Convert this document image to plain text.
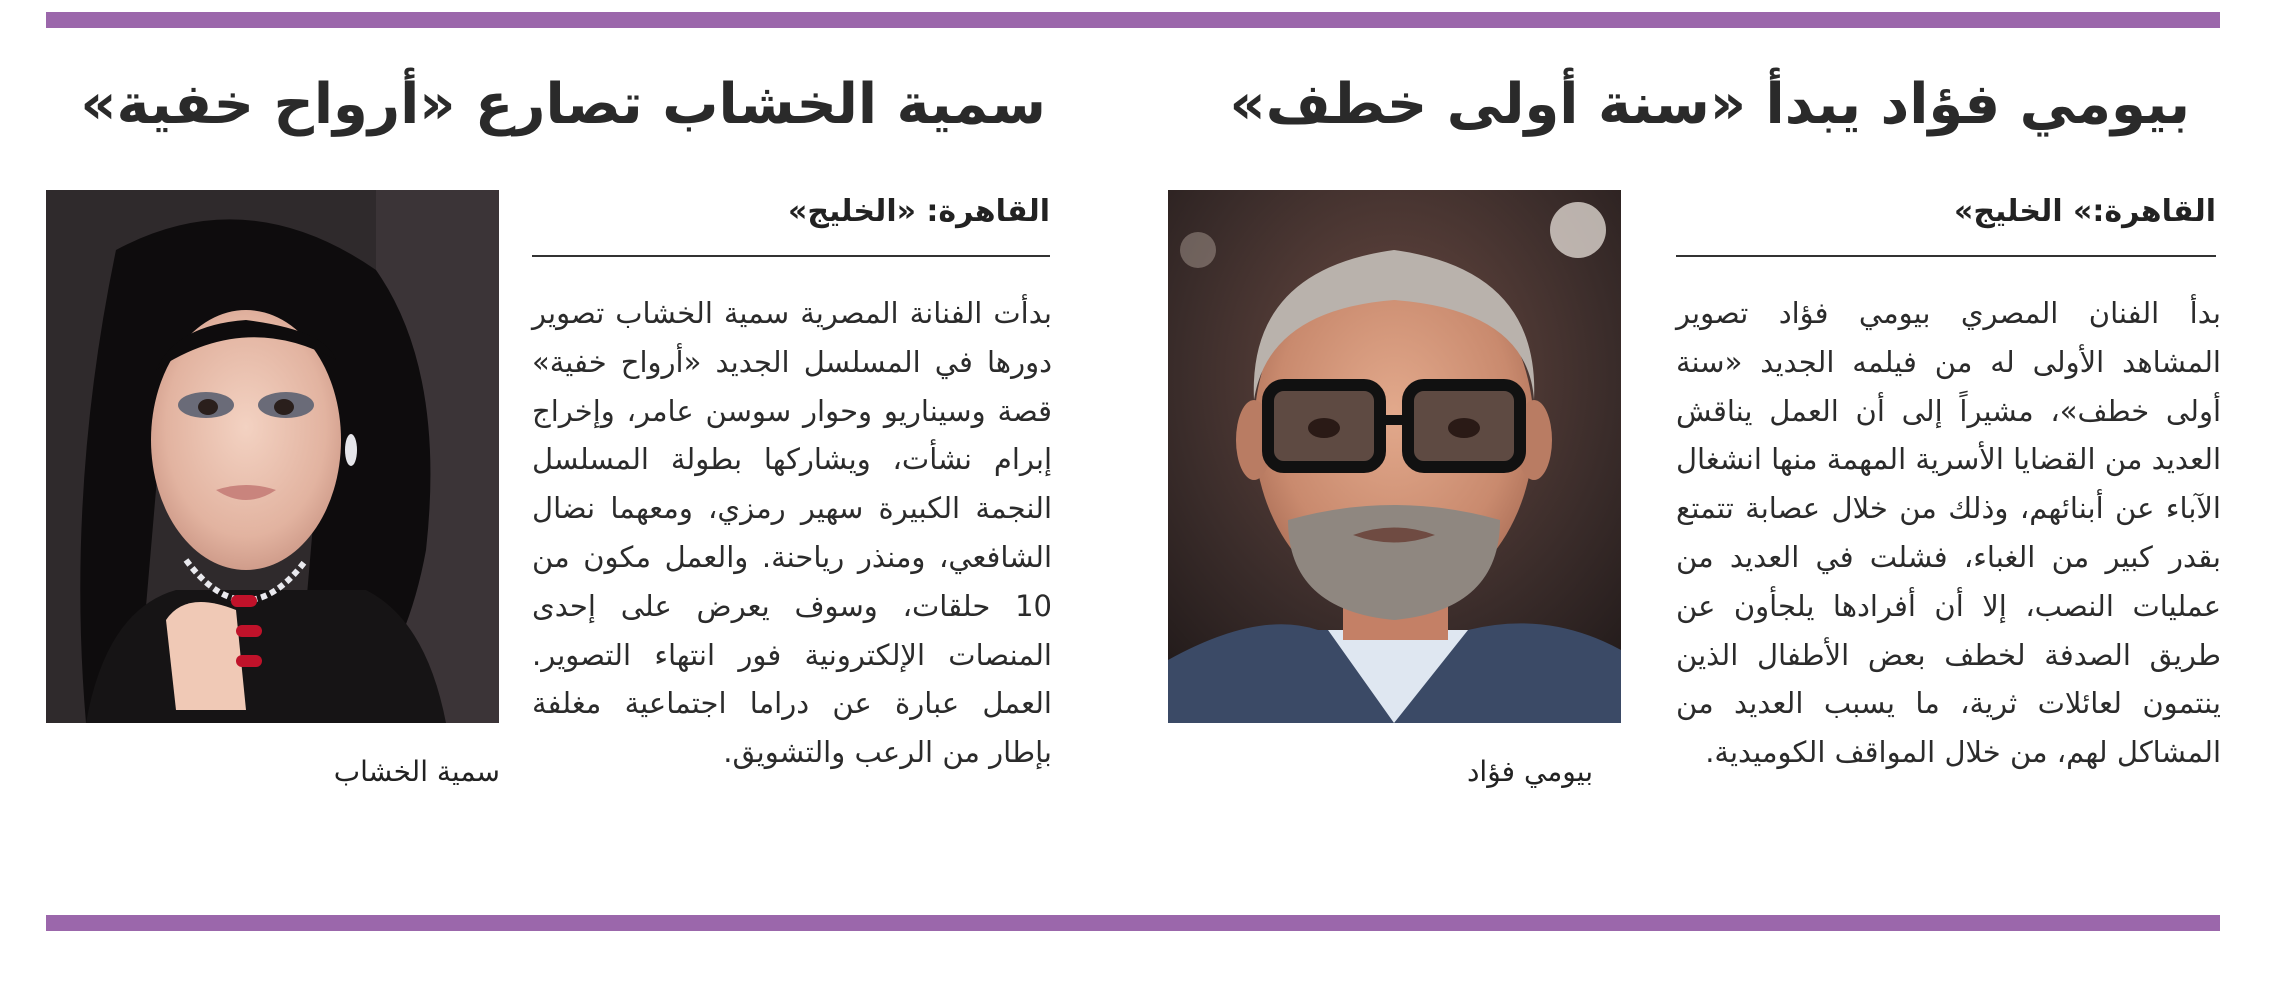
بيومي فؤاد يبدأ «سنة أولى خطف»
القاهرة:» الخليج»
بدأ الفنان المصري بيومي فؤاد تصوير المشاهد الأولى له من فيلمه الجديد «سنة أولى خطف»، مشيراً إلى أن العمل يناقش العديد من القضايا الأسرية المهمة منها انشغال الآباء عن أبنائهم، وذلك من خلال عصابة تتمتع بقدر كبير من الغباء، فشلت في العديد من عمليات النصب، إلا أن أفرادها يلجأون عن طريق الصدفة لخطف بعض الأطفال الذين ينتمون لعائلات ثرية، ما يسبب العديد من المشاكل لهم، من خلال المواقف الكوميدية.
بيومي فؤاد
سمية الخشاب تصارع «أرواح خفية»
القاهرة: «الخليج»
بدأت الفنانة المصرية سمية الخشاب تصوير دورها في المسلسل الجديد «أرواح خفية» قصة وسيناريو وحوار سوسن عامر، وإخراج إبرام نشأت، ويشاركها بطولة المسلسل النجمة الكبيرة سهير رمزي، ومعهما نضال الشافعي، ومنذر رياحنة. والعمل مكون من 10 حلقات، وسوف يعرض على إحدى المنصات الإلكترونية فور انتهاء التصوير. العمل عبارة عن دراما اجتماعية مغلفة بإطار من الرعب والتشويق.
سمية الخشاب
